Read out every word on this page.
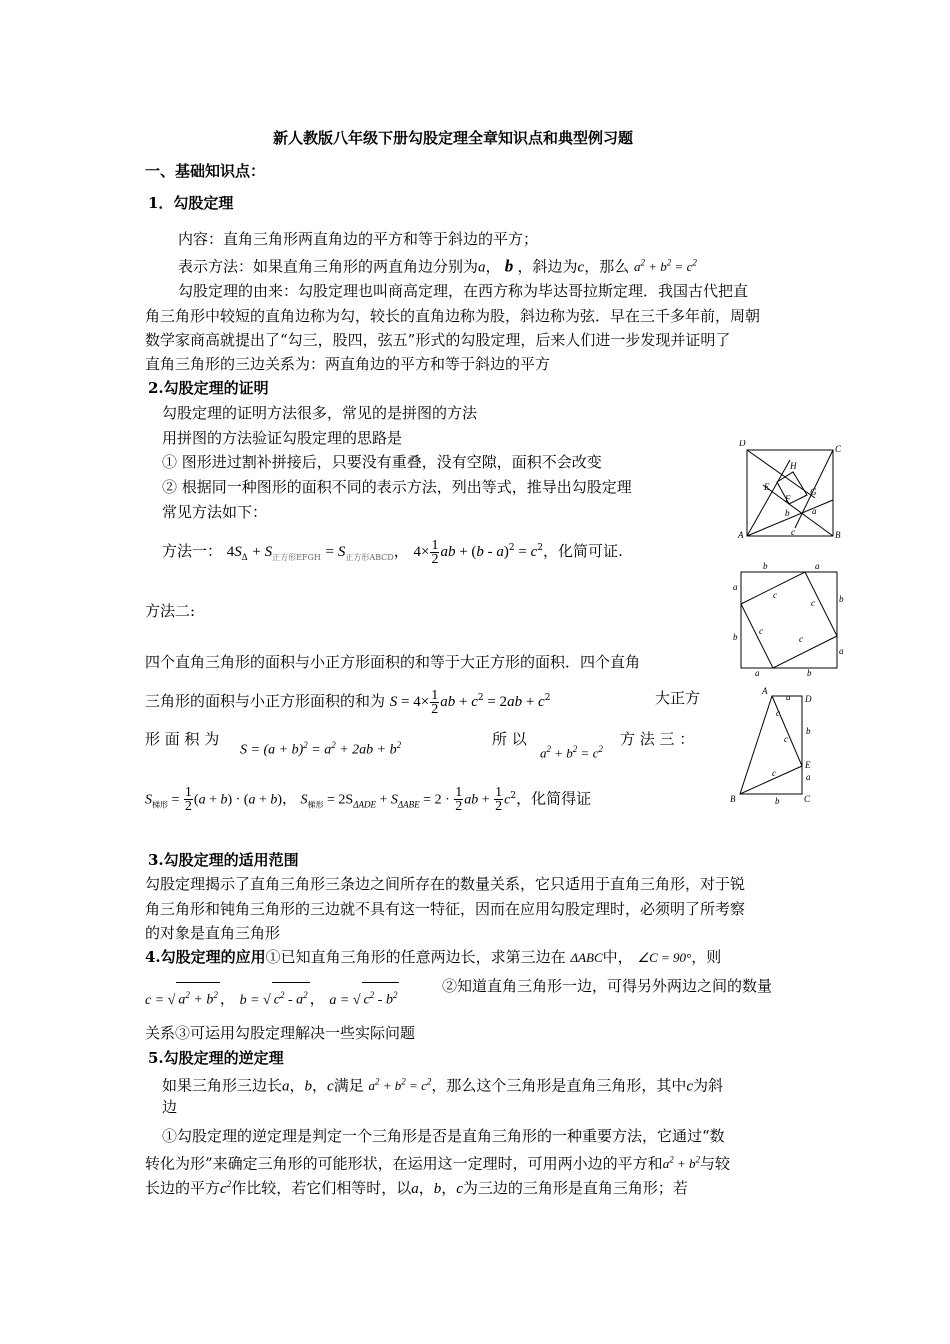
新人教版八年级下册勾股定理全章知识点和典型例习题
一、基础知识点：
1．勾股定理
内容：直角三角形两直角边的平方和等于斜边的平方；
表示方法：如果直角三角形的两直角边分别为a， b ，斜边为c，那么 $a^2 + b^2 = c^2$
勾股定理的由来：勾股定理也叫商高定理，在西方称为毕达哥拉斯定理．我国古代把直
角三角形中较短的直角边称为勾，较长的直角边称为股，斜边称为弦．早在三千多年前，周朝
数学家商高就提出了“勾三，股四，弦五”形式的勾股定理，后来人们进一步发现并证明了
直角三角形的三边关系为：两直角边的平方和等于斜边的平方
2.勾股定理的证明
勾股定理的证明方法很多，常见的是拼图的方法
用拼图的方法验证勾股定理的思路是
① 图形进过割补拼接后，只要没有重叠，没有空隙，面积不会改变
② 根据同一种图形的面积不同的表示方法，列出等式，推导出勾股定理
常见方法如下：
方法一： $4S_\Delta + S_{正方形EFGH} = S_{正方形ABCD}$， $4\times \frac{1}{2}$ ab + $(b - a)^2 = c^2$，化简可证.
方法二:
四个直角三角形的面积与小正方形面积的和等于大正方形的面积．四个直角
三角形的面积与小正方形面积的和为 $S = 4\times \frac{1}{2}$ ab + $c^2 = 2ab + c^2$	大正方
形 面 积 为
$S = (a + b)^2 = a^2 + 2ab + b^2$	所 以
$a^2 + b^2 = c^2$
方 法 三 ：
$S_{梯形} = \frac{1}{2} (a + b) \cdot (a + b)$， $S_{梯形} = 2S_{\Delta ADE} + S_{\Delta ABE} = 2 \cdot \frac{1}{2}$ ab + $\frac{1}{2} c^2$，化简得证
3.勾股定理的适用范围
勾股定理揭示了直角三角形三条边之间所存在的数量关系，它只适用于直角三角形，对于锐
角三角形和钝角三角形的三边就不具有这一特征，因而在应用勾股定理时，必须明了所考察
的对象是直角三角形
4.勾股定理的应用①已知直角三角形的任意两边长，求第三边在 ΔABC中， ∠C = 90°，则
c = √ $a^2 + b^2$ ， b = √ $c^2 - a^2$ ， a = √ $c^2 - b^2$	②知道直角三角形一边，可得另外两边之间的数量
关系③可运用勾股定理解决一些实际问题
5.勾股定理的逆定理
如果三角形三边长a，b，c满足 $a^2 + b^2 = c^2$，那么这个三角形是直角三角形，其中c为斜
边
①勾股定理的逆定理是判定一个三角形是否是直角三角形的一种重要方法，它通过“数
转化为形”来确定三角形的可能形状，在运用这一定理时，可用两小边的平方和$a^2 + b^2$与较
长边的平方$c^2$作比较，若它们相等时，以a，b，c为三边的三角形是直角三角形；若
D
C
A	B
H
E
F
G
b	a
c
b	a
a
b
b
a
a	b
c
c
c
c
A
a D
b
E
a
B	b	C
c
c
c
